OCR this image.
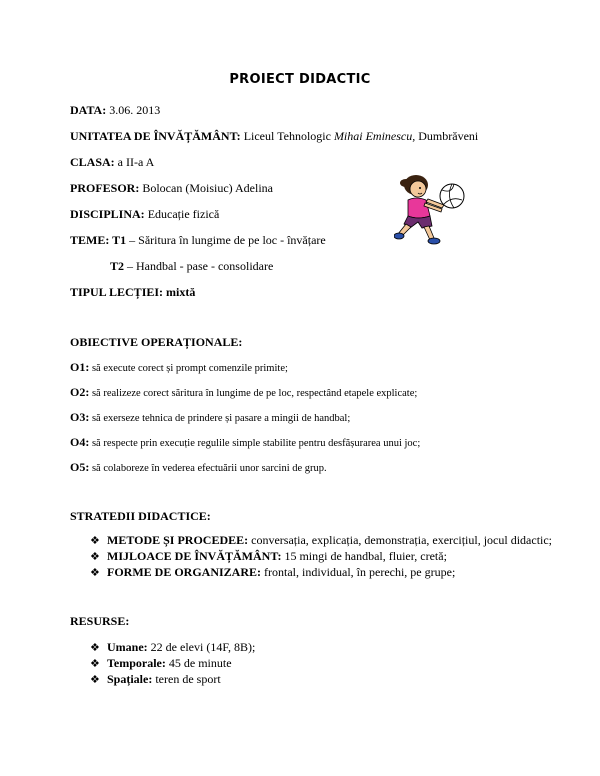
PROIECT DIDACTIC
DATA: 3.06. 2013
UNITATEA DE ÎNVĂȚĂMÂNT: Liceul Tehnologic Mihai Eminescu, Dumbrăveni
CLASA: a II-a A
PROFESOR: Bolocan (Moisiuc) Adelina
DISCIPLINA: Educație fizică
TEME: T1 – Săritura în lungime de pe loc - învățare
T2 – Handbal - pase - consolidare
TIPUL LECȚIEI: mixtă
OBIECTIVE OPERAȚIONALE:
O1: să execute corect și prompt comenzile primite;
O2: să realizeze corect săritura în lungime de pe loc, respectând etapele explicate;
O3: să exerseze tehnica de prindere și pasare a mingii de handbal;
O4: să respecte prin execuție regulile simple stabilite pentru desfășurarea unui joc;
O5: să colaboreze în vederea efectuării unor sarcini de grup.
STRATEDII DIDACTICE:
❖ METODE ȘI PROCEDEE: conversația, explicația, demonstrația, exercițiul, jocul didactic;
❖ MIJLOACE DE ÎNVĂȚĂMÂNT: 15 mingi de handbal, fluier, cretă;
❖ FORME DE ORGANIZARE: frontal, individual, în perechi, pe grupe;
RESURSE:
❖ Umane: 22 de elevi (14F, 8B);
❖ Temporale: 45 de minute
❖ Spațiale: teren de sport
